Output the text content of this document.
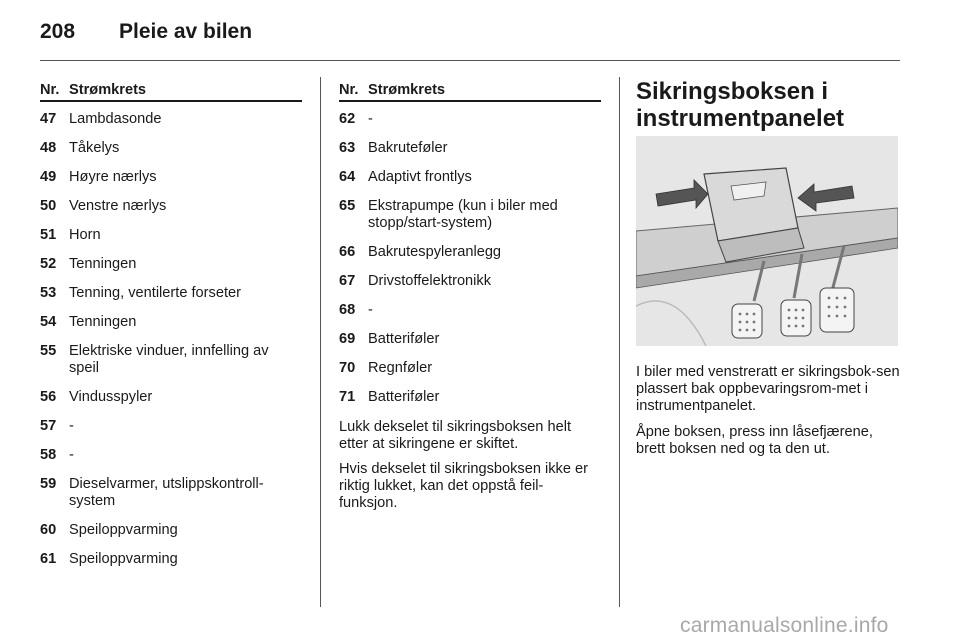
208 Pleie av bilen
Nr. Strømkrets
47 Lambdasonde
48 Tåkelys
49 Høyre nærlys
50 Venstre nærlys
51 Horn
52 Tenningen
53 Tenning, ventilerte forseter
54 Tenningen
55 Elektriske vinduer, innfelling av speil
56 Vindusspyler
57 -
58 -
59 Dieselvarmer, utslippskontroll-system
60 Speiloppvarming
61 Speiloppvarming
Nr. Strømkrets
62 -
63 Bakruteføler
64 Adaptivt frontlys
65 Ekstrapumpe (kun i biler med stopp/start-system)
66 Bakrutespyleranlegg
67 Drivstoffelektronikk
68 -
69 Batteriføler
70 Regnføler
71 Batteriføler

Lukk dekselet til sikringsboksen helt etter at sikringene er skiftet.

Hvis dekselet til sikringsboksen ikke er riktig lukket, kan det oppstå feil-funksjon.

Sikringsboksen i instrumentpanelet

I biler med venstreratt er sikringsbok-sen plassert bak oppbevaringsrom-met i instrumentpanelet.

Åpne boksen, press inn låsefjærene, brett boksen ned og ta den ut.

carmanualsonline.info
